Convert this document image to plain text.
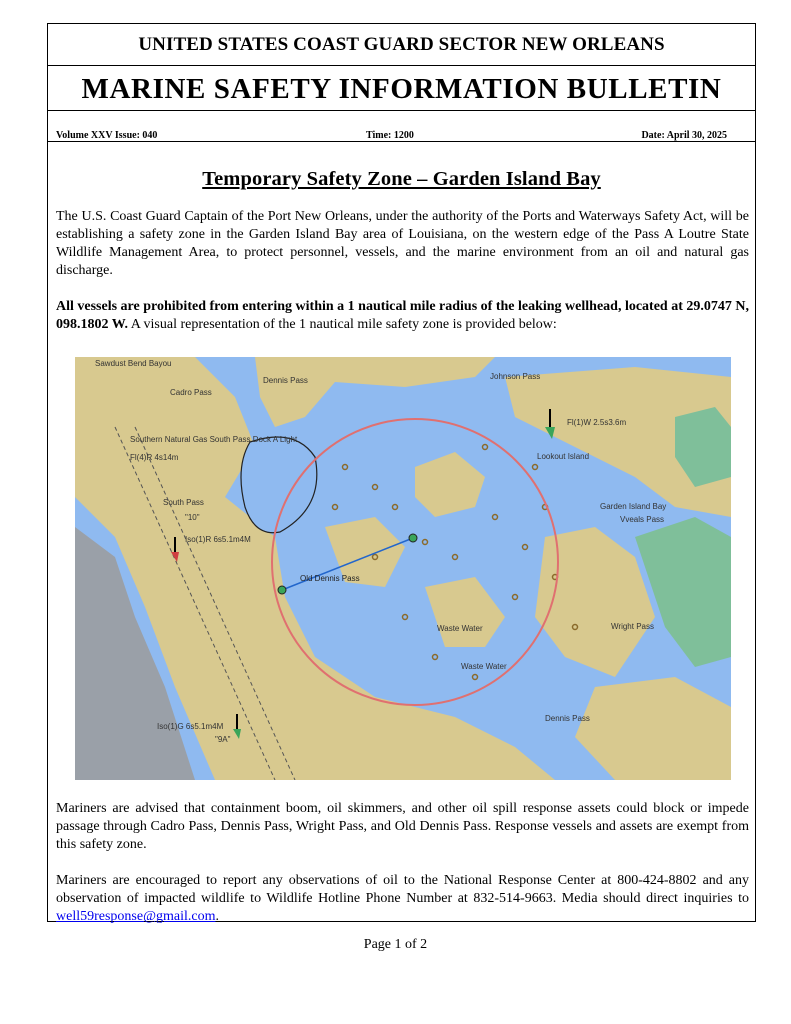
UNITED STATES COAST GUARD SECTOR NEW ORLEANS
MARINE SAFETY INFORMATION BULLETIN
Volume XXV Issue: 040	Time: 1200	Date: April 30, 2025
Temporary Safety Zone – Garden Island Bay

The U.S. Coast Guard Captain of the Port New Orleans, under the authority of the Ports and Waterways Safety Act, will be establishing a safety zone in the Garden Island Bay area of Louisiana, on the western edge of the Pass A Loutre State Wildlife Management Area, to protect personnel, vessels, and the marine environment from an oil and natural gas discharge.

All vessels are prohibited from entering within a 1 nautical mile radius of the leaking wellhead, located at 29.0747 N, 098.1802 W. A visual representation of the 1 nautical mile safety zone is provided below:

Sawdust Bend Bayou
Cadro Pass
Dennis Pass	Johnson Pass
Southern Natural Gas South Pass Dock A Light
Fl(4)R 4s14m
South Pass
"10"
Iso(1)R 6s5.1m4M
Fl(1)W 2.5s3.6m
Lookout Island
Garden Island Bay
Vveals Pass
Old Dennis Pass
Waste Water
Waste Water
Wright Pass
Dennis Pass
Iso(1)G 6s5.1m4M
"9A"

Mariners are advised that containment boom, oil skimmers, and other oil spill response assets could block or impede passage through Cadro Pass, Dennis Pass, Wright Pass, and Old Dennis Pass. Response vessels and assets are exempt from this safety zone.

Mariners are encouraged to report any observations of oil to the National Response Center at 800-424-8802 and any observation of impacted wildlife to Wildlife Hotline Phone Number at 832-514-9663. Media should direct inquiries to well59response@gmail.com.

Page 1 of 2
